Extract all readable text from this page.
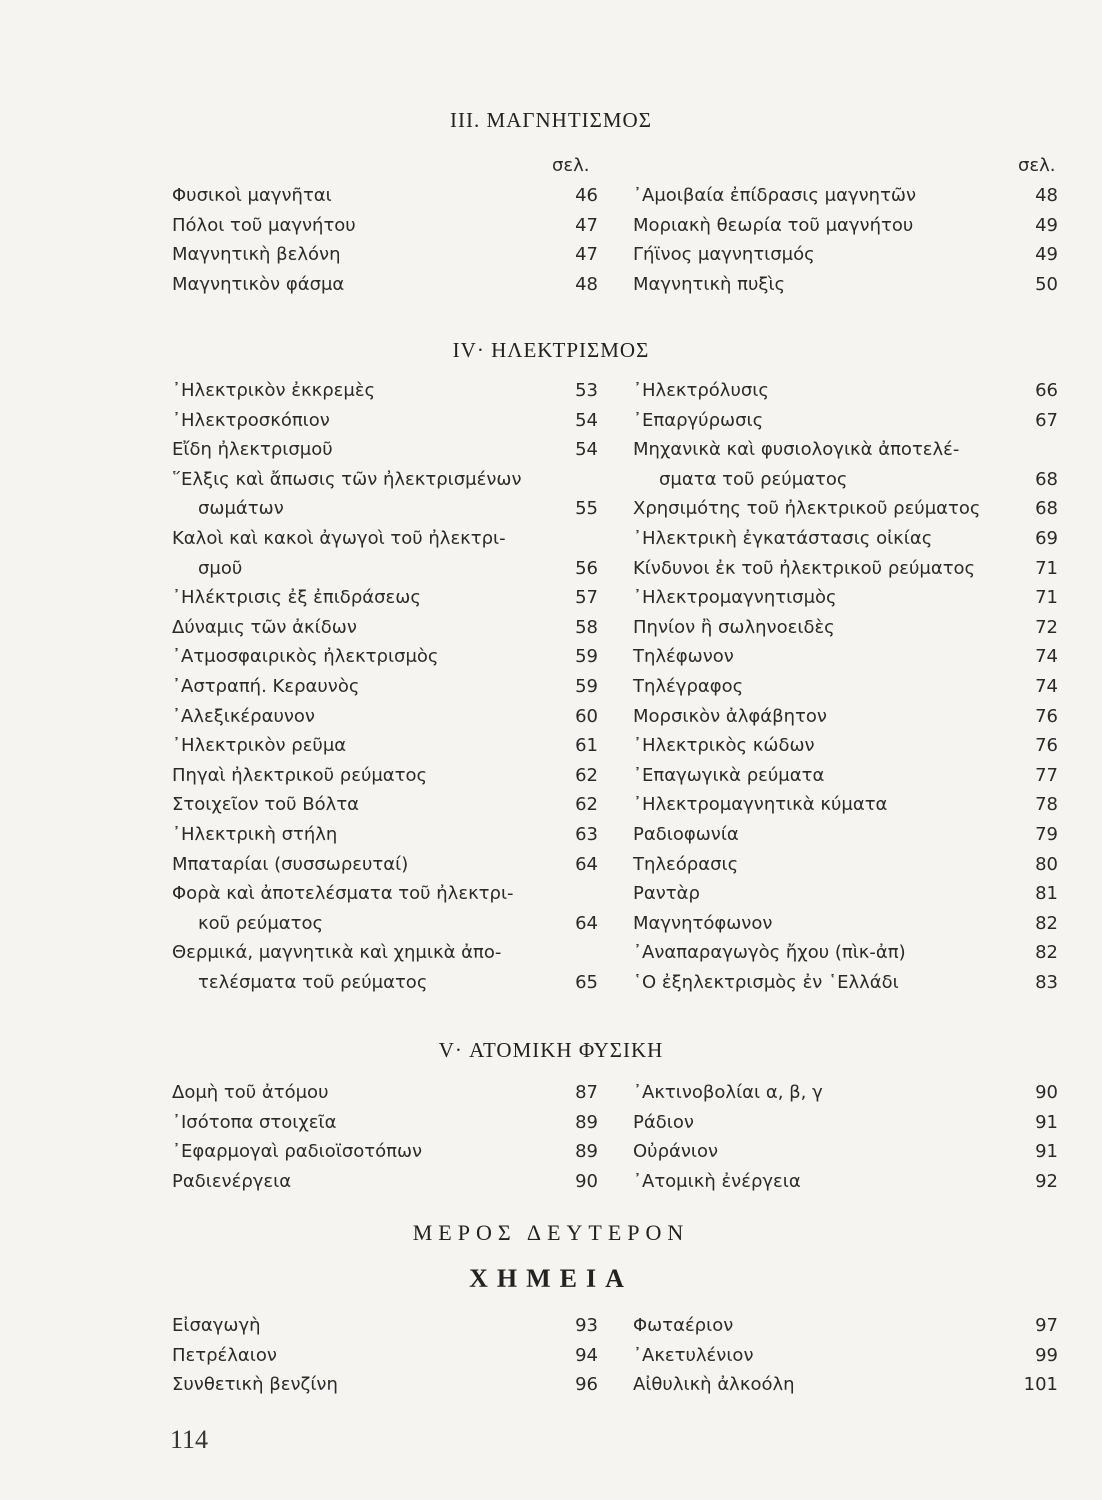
III. ΜΑΓΝΗΤΙΣΜΟΣ
σελ.	σελ.
Φυσικοὶ μαγνῆται	46
Πόλοι τοῦ μαγνήτου	47
Μαγνητικὴ βελόνη	47
Μαγνητικὸν φάσμα	48
᾿Αμοιβαία ἐπίδρασις μαγνητῶν	48
Μοριακὴ θεωρία τοῦ μαγνήτου	49
Γήϊνος μαγνητισμός	49
Μαγνητικὴ πυξὶς	50
IV· ΗΛΕΚΤΡΙΣΜΟΣ
᾿Ηλεκτρικὸν ἐκκρεμὲς	53
᾿Ηλεκτροσκόπιον	54
Εἴδη ἠλεκτρισμοῦ	54
῞Ελξις καὶ ἄπωσις τῶν ἠλεκτρισμένων
σωμάτων	55
Καλοὶ καὶ κακοὶ ἀγωγοὶ τοῦ ἠλεκτρι-
σμοῦ	56
᾿Ηλέκτρισις ἐξ ἐπιδράσεως	57
Δύναμις τῶν ἀκίδων	58
᾿Ατμοσφαιρικὸς ἠλεκτρισμὸς	59
᾿Αστραπή. Κεραυνὸς	59
᾿Αλεξικέραυνον	60
᾿Ηλεκτρικὸν ρεῦμα	61
Πηγαὶ ἠλεκτρικοῦ ρεύματος	62
Στοιχεῖον τοῦ Βόλτα	62
᾿Ηλεκτρικὴ στήλη	63
Μπαταρίαι (συσσωρευταί)	64
Φορὰ καὶ ἀποτελέσματα τοῦ ἠλεκτρι-
κοῦ ρεύματος	64
Θερμικά, μαγνητικὰ καὶ χημικὰ ἀπο-
τελέσματα τοῦ ρεύματος	65
᾿Ηλεκτρόλυσις	66
᾿Επαργύρωσις	67
Μηχανικὰ καὶ φυσιολογικὰ ἀποτελέ-
σματα τοῦ ρεύματος	68
Χρησιμότης τοῦ ἠλεκτρικοῦ ρεύματος	68
᾿Ηλεκτρικὴ ἐγκατάστασις οἰκίας	69
Κίνδυνοι ἐκ τοῦ ἠλεκτρικοῦ ρεύματος	71
᾿Ηλεκτρομαγνητισμὸς	71
Πηνίον ἢ σωληνοειδὲς	72
Τηλέφωνον	74
Τηλέγραφος	74
Μορσικὸν ἀλφάβητον	76
᾿Ηλεκτρικὸς κώδων	76
᾿Επαγωγικὰ ρεύματα	77
᾿Ηλεκτρομαγνητικὰ κύματα	78
Ραδιοφωνία	79
Τηλεόρασις	80
Ραντὰρ	81
Μαγνητόφωνον	82
᾿Αναπαραγωγὸς ἤχου (πὶκ-ἀπ)	82
῾Ο ἐξηλεκτρισμὸς ἐν ῾Ελλάδι	83
V· ΑΤΟΜΙΚΗ ΦΥΣΙΚΗ
Δομὴ τοῦ ἀτόμου	87
᾿Ισότοπα στοιχεῖα	89
᾿Εφαρμογαὶ ραδιοϊσοτόπων	89
Ραδιενέργεια	90
᾿Ακτινοβολίαι α, β, γ	90
Ράδιον	91
Οὐράνιον	91
᾿Ατομικὴ ἐνέργεια	92
ΜΕΡΟΣ ΔΕΥΤΕΡΟΝ
ΧΗΜΕΙΑ
Εἰσαγωγὴ	93
Πετρέλαιον	94
Συνθετικὴ βενζίνη	96
Φωταέριον	97
᾿Ακετυλένιον	99
Αἰθυλικὴ ἀλκοόλη	101
114
